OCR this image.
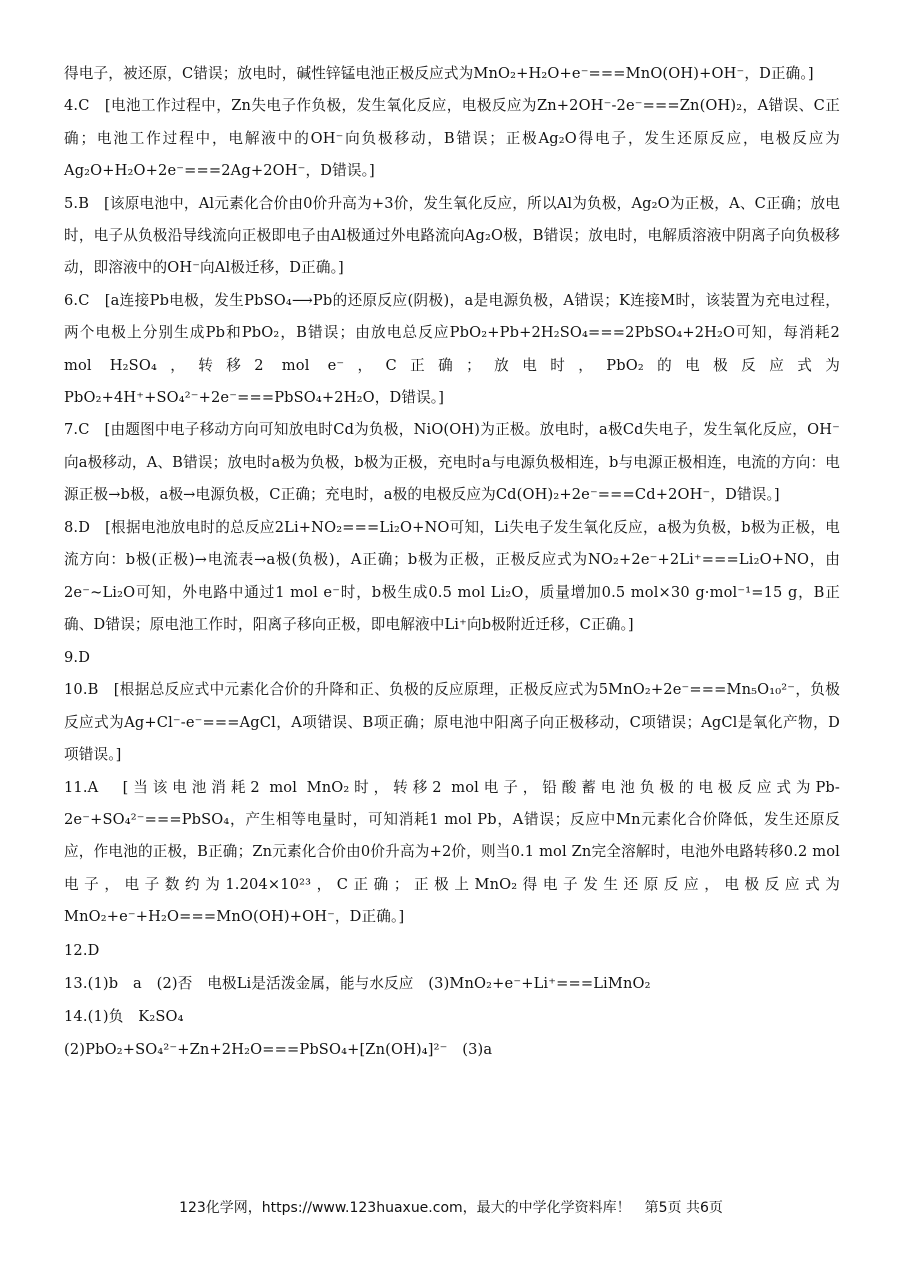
得电子，被还原，C错误；放电时，碱性锌锰电池正极反应式为MnO₂+H₂O+e⁻===MnO(OH)+OH⁻，D正确。]

4.C　[电池工作过程中，Zn失电子作负极，发生氧化反应，电极反应为Zn+2OH⁻-2e⁻===Zn(OH)₂，A错误、C正确；电池工作过程中，电解液中的OH⁻向负极移动，B错误；正极Ag₂O得电子，发生还原反应，电极反应为Ag₂O+H₂O+2e⁻===2Ag+2OH⁻，D错误。]

5.B　[该原电池中，Al元素化合价由0价升高为+3价，发生氧化反应，所以Al为负极，Ag₂O为正极，A、C正确；放电时，电子从负极沿导线流向正极即电子由Al极通过外电路流向Ag₂O极，B错误；放电时，电解质溶液中阴离子向负极移动，即溶液中的OH⁻向Al极迁移，D正确。]

6.C　[a连接Pb电极，发生PbSO₄⟶Pb的还原反应(阴极)，a是电源负极，A错误；K连接M时，该装置为充电过程，两个电极上分别生成Pb和PbO₂，B错误；由放电总反应PbO₂+Pb+2H₂SO₄===2PbSO₄+2H₂O可知，每消耗2 mol H₂SO₄，转移2 mol e⁻，C正确；放电时，PbO₂的电极反应式为PbO₂+4H⁺+SO₄²⁻+2e⁻===PbSO₄+2H₂O，D错误。]

7.C　[由题图中电子移动方向可知放电时Cd为负极，NiO(OH)为正极。放电时，a极Cd失电子，发生氧化反应，OH⁻向a极移动，A、B错误；放电时a极为负极，b极为正极，充电时a与电源负极相连，b与电源正极相连，电流的方向：电源正极→b极，a极→电源负极，C正确；充电时，a极的电极反应为Cd(OH)₂+2e⁻===Cd+2OH⁻，D错误。]

8.D　[根据电池放电时的总反应2Li+NO₂===Li₂O+NO可知，Li失电子发生氧化反应，a极为负极，b极为正极，电流方向：b极(正极)→电流表→a极(负极)，A正确；b极为正极，正极反应式为NO₂+2e⁻+2Li⁺===Li₂O+NO，由2e⁻~Li₂O可知，外电路中通过1 mol e⁻时，b极生成0.5 mol Li₂O，质量增加0.5 mol×30 g·mol⁻¹=15 g，B正确、D错误；原电池工作时，阳离子移向正极，即电解液中Li⁺向b极附近迁移，C正确。]

9.D

10.B　[根据总反应式中元素化合价的升降和正、负极的反应原理，正极反应式为5MnO₂+2e⁻===Mn₅O₁₀²⁻，负极反应式为Ag+Cl⁻-e⁻===AgCl，A项错误、B项正确；原电池中阳离子向正极移动，C项错误；AgCl是氧化产物，D项错误。]

11.A　[当该电池消耗2 mol MnO₂时，转移2 mol电子，铅酸蓄电池负极的电极反应式为Pb-2e⁻+SO₄²⁻===PbSO₄，产生相等电量时，可知消耗1 mol Pb，A错误；反应中Mn元素化合价降低，发生还原反应，作电池的正极，B正确；Zn元素化合价由0价升高为+2价，则当0.1 mol Zn完全溶解时，电池外电路转移0.2 mol电子，电子数约为1.204×10²³，C正确；正极上MnO₂得电子发生还原反应，电极反应式为MnO₂+e⁻+H₂O===MnO(OH)+OH⁻，D正确。]

12.D

13.(1)b　a　(2)否　电极Li是活泼金属，能与水反应　(3)MnO₂+e⁻+Li⁺===LiMnO₂

14.(1)负　K₂SO₄

(2)PbO₂+SO₄²⁻+Zn+2H₂O===PbSO₄+[Zn(OH)₄]²⁻　(3)a

123化学网，https://www.123huaxue.com，最大的中学化学资料库！　第5页 共6页
